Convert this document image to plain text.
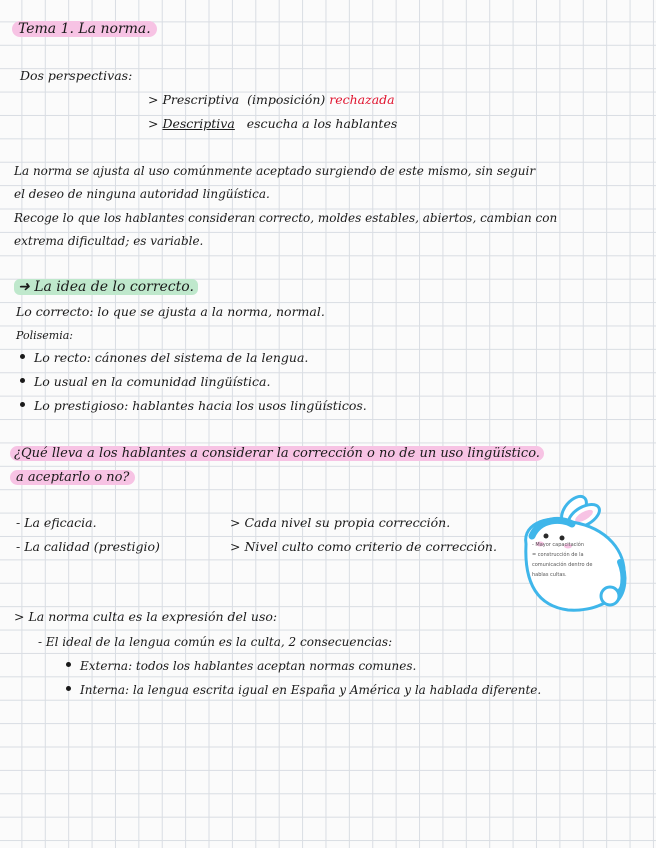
Tema 1. La norma.
Dos perspectivas:
> Prescriptiva (imposición) rechazada
> Descriptiva escucha a los hablantes
La norma se ajusta al uso comúnmente aceptado surgiendo de este mismo, sin seguir
el deseo de ninguna autoridad lingüística.
Recoge lo que los hablantes consideran correcto, moldes estables, abiertos, cambian con
extrema dificultad; es variable.
➜ La idea de lo correcto.
Lo correcto: lo que se ajusta a la norma, normal.
Polisemia:
Lo recto: cánones del sistema de la lengua.
Lo usual en la comunidad lingüística.
Lo prestigioso: hablantes hacia los usos lingüísticos.
¿Qué lleva a los hablantes a considerar la corrección o no de un uso lingüístico.
a aceptarlo o no?
- La eficacia.
- La calidad (prestigio)
> Cada nivel su propia corrección.
> Nivel culto como criterio de corrección.	- Mayor capacitación
= construcción de la
comunicación dentro de
hablas cultas.
> La norma culta es la expresión del uso:
- El ideal de la lengua común es la culta, 2 consecuencias:
Externa: todos los hablantes aceptan normas comunes.
Interna: la lengua escrita igual en España y América y la hablada diferente.
